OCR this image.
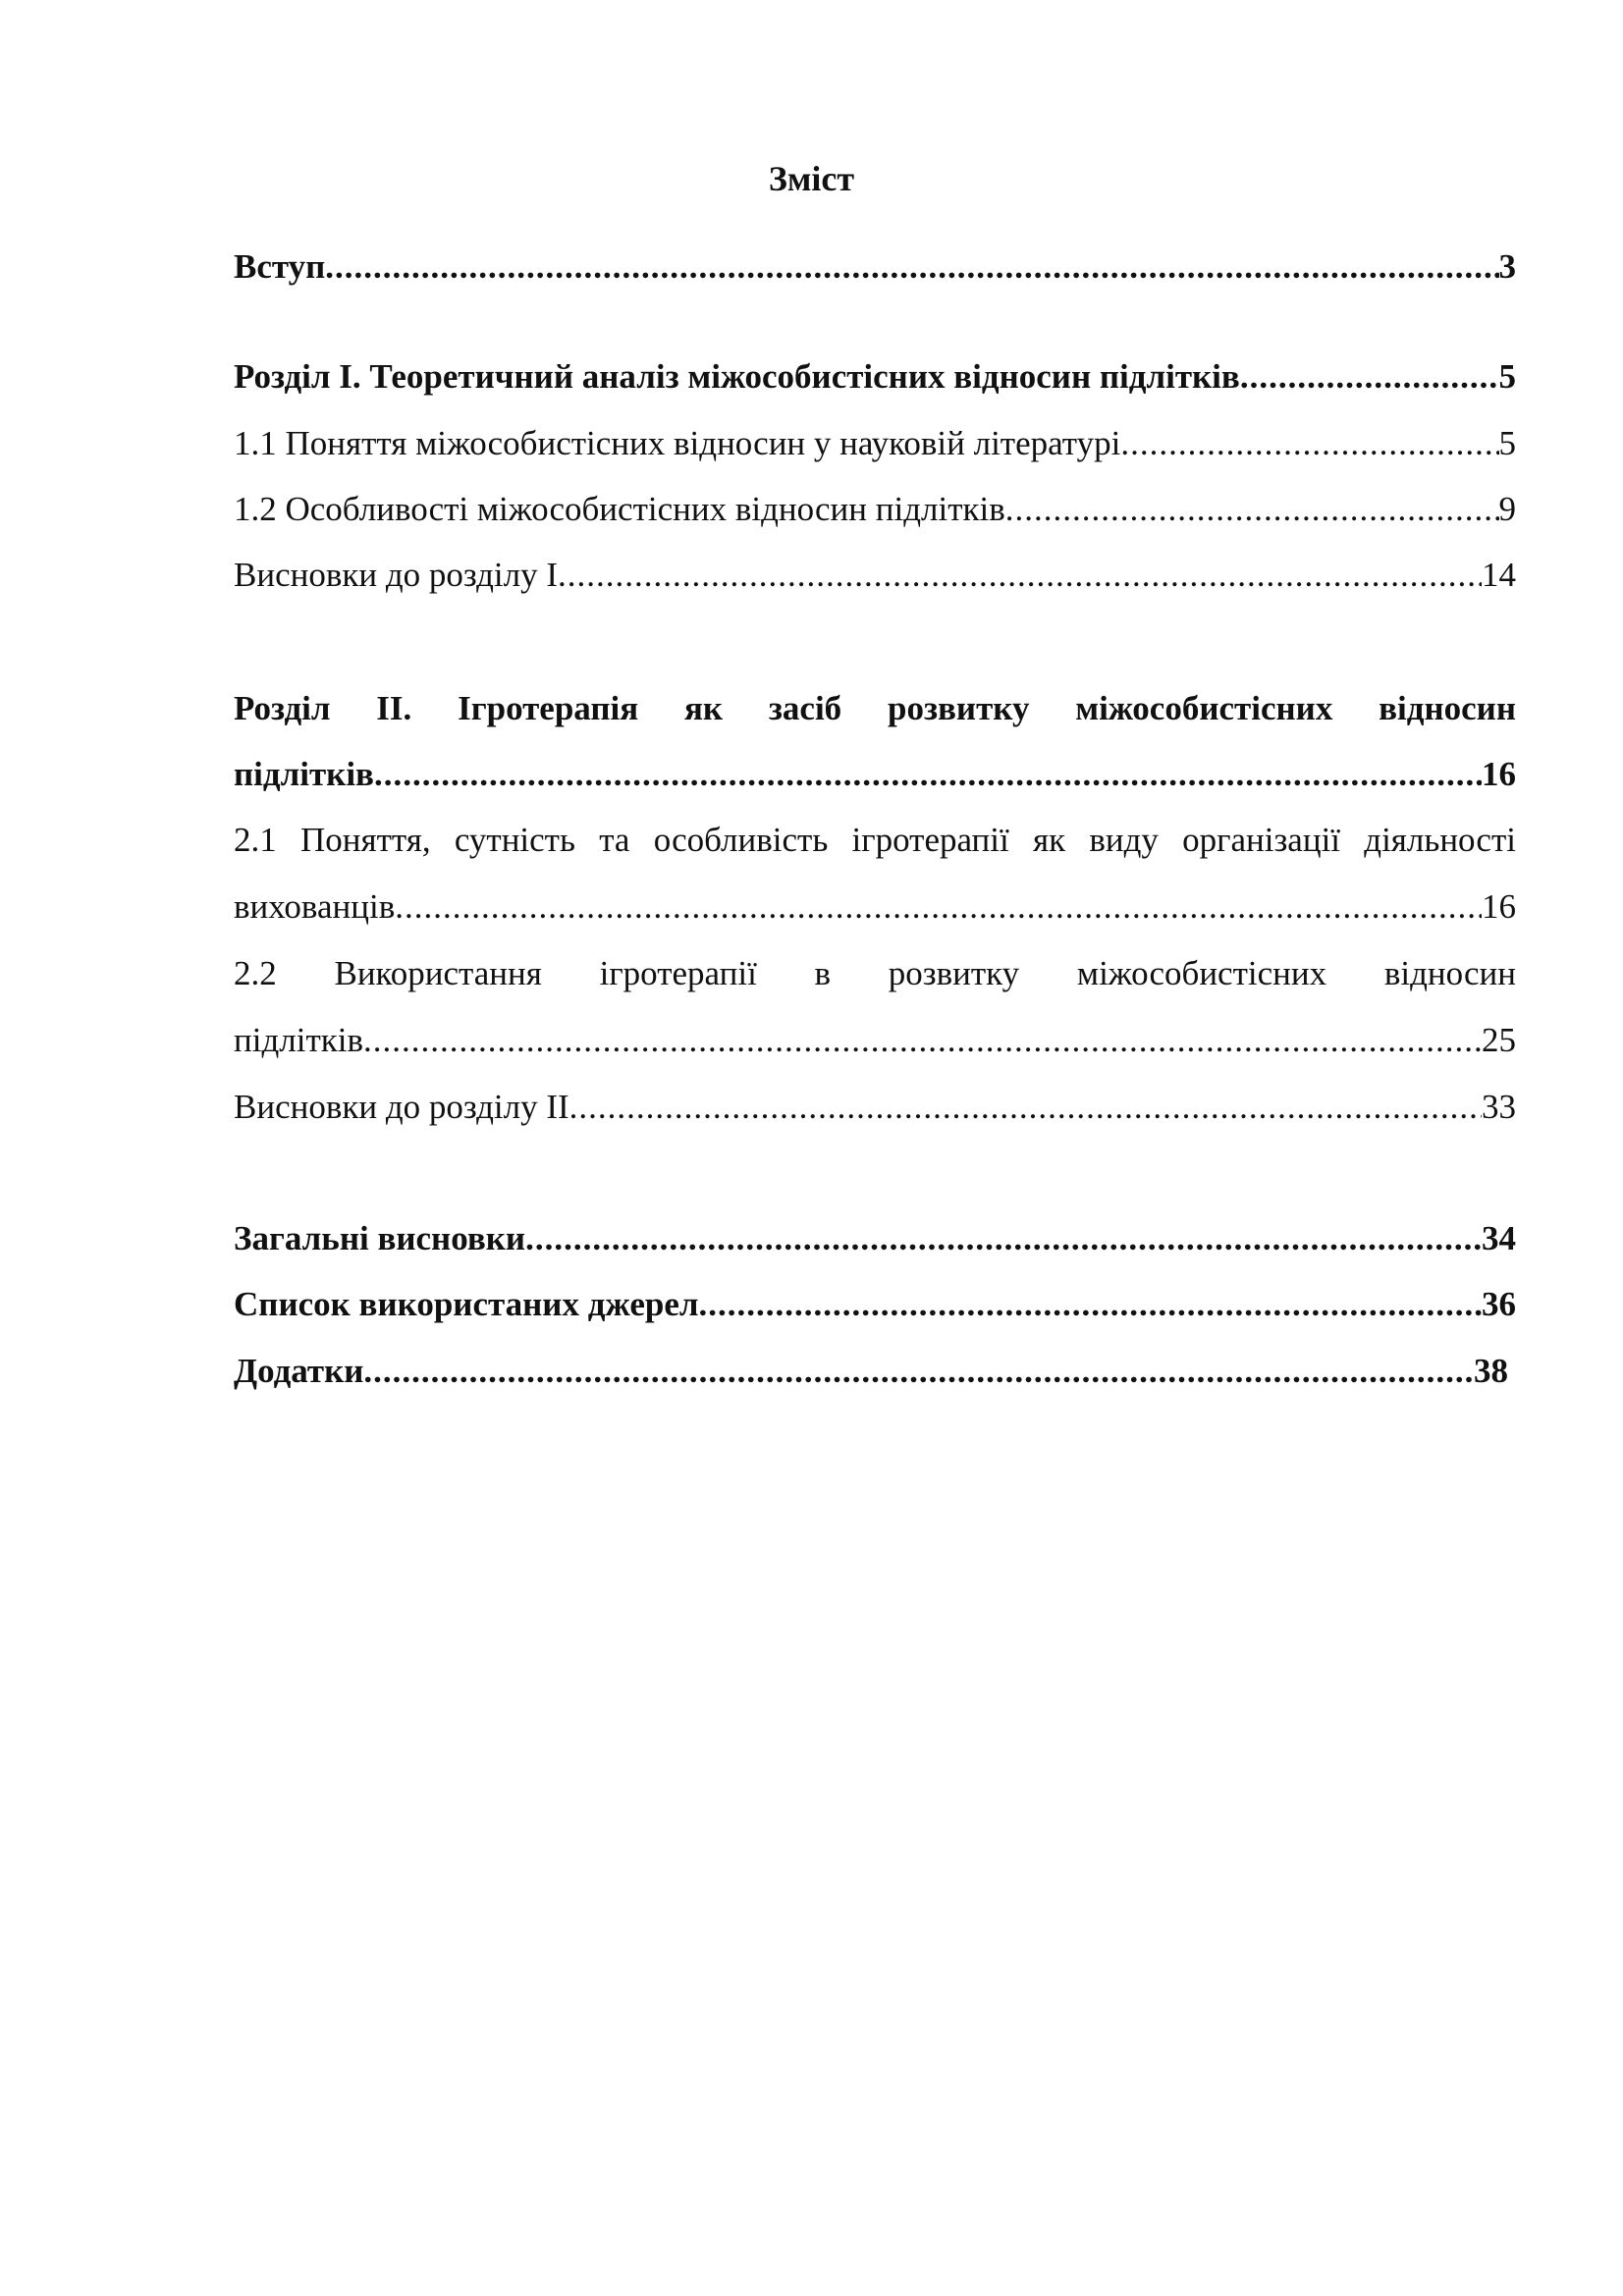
Зміст
Вступ .....	3
Розділ I. Теоретичний аналіз міжособистісних відносин підлітків .....	5
1.1 Поняття міжособистісних відносин у науковій літературі .....	5
1.2 Особливості міжособистісних відносин підлітків .....	9
Висновки до розділу I .....	14
Розділ ІІ. Ігротерапія як засіб розвитку міжособистісних відносин
підлітків .....	16
2.1 Поняття, сутність та особливість ігротерапії як виду організації діяльності
вихованців .....	16
2.2 Використання ігротерапії в розвитку міжособистісних відносин
підлітків .....	25
Висновки до розділу ІІ .....	33
Загальні висновки .....	34
Список використаних джерел .....	36
Додатки .....	38
